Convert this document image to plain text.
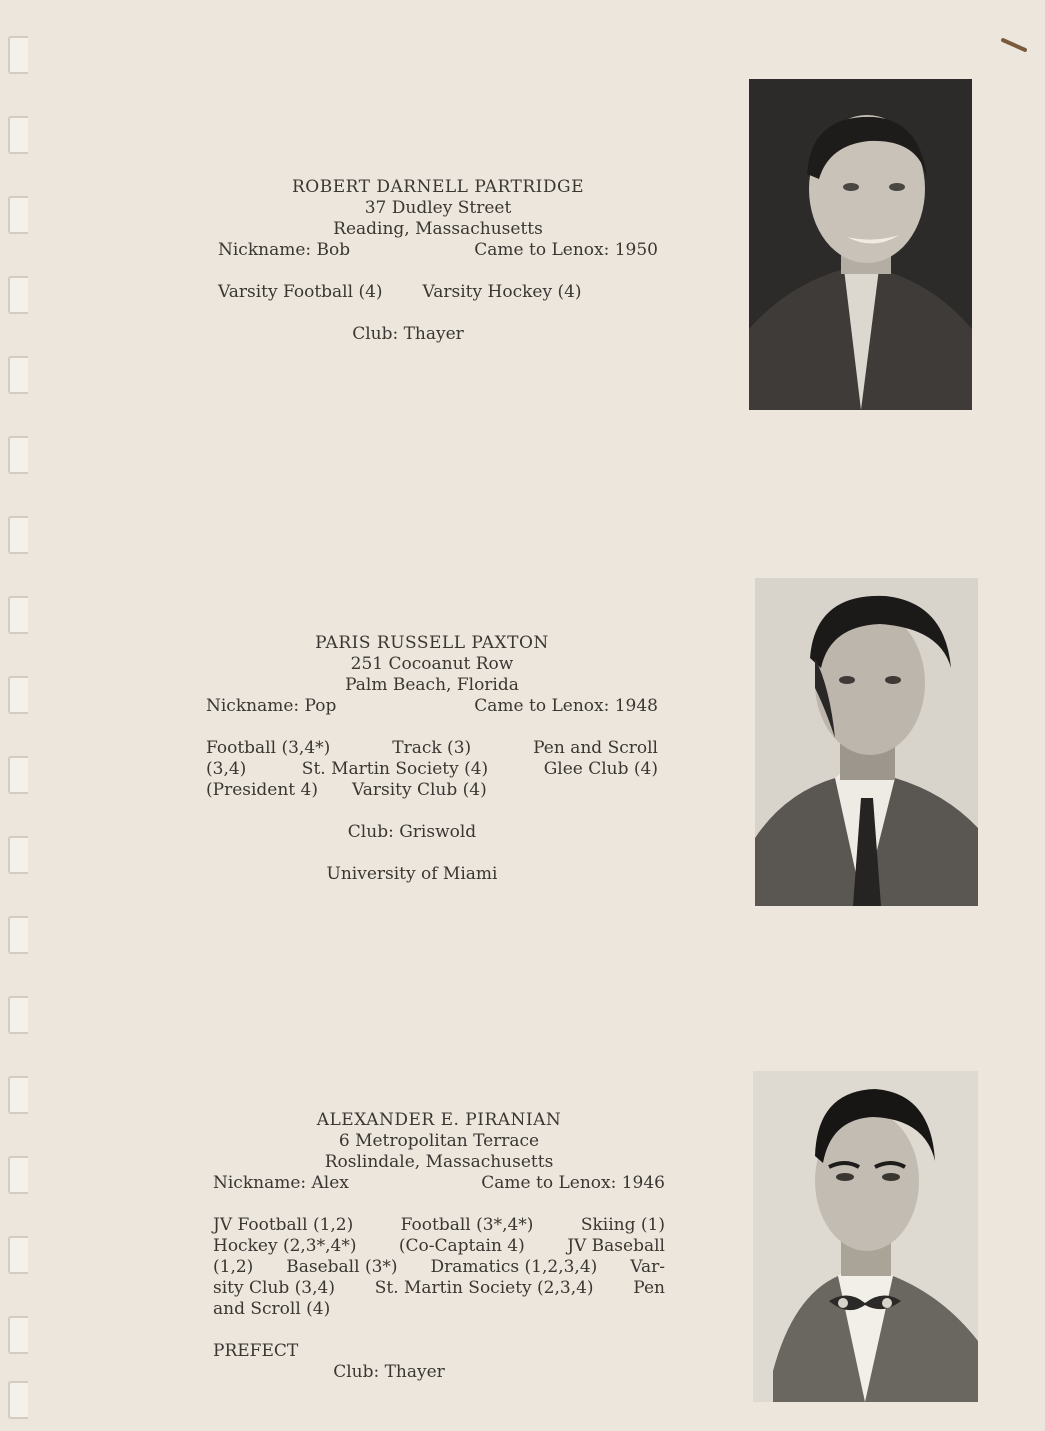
ROBERT DARNELL PARTRIDGE
37 Dudley Street
Reading, Massachusetts
Nickname: Bob	Came to Lenox: 1950
Varsity Football (4) Varsity Hockey (4)
Club: Thayer
PARIS RUSSELL PAXTON
251 Cocoanut Row
Palm Beach, Florida
Nickname: Pop	Came to Lenox: 1948
Football (3,4*)	Track (3)	Pen and Scroll
(3,4)	St. Martin Society (4)	Glee Club (4)
(President 4) Varsity Club (4)
Club: Griswold
University of Miami
ALEXANDER E. PIRANIAN
6 Metropolitan Terrace
Roslindale, Massachusetts
Nickname: Alex	Came to Lenox: 1946
JV Football (1,2)	Football (3*,4*)	Skiing (1)
Hockey (2,3*,4*) (Co-Captain 4) JV Baseball
(1,2) Baseball (3*) Dramatics (1,2,3,4) Var-
sity Club (3,4) St. Martin Society (2,3,4) Pen
and Scroll (4)
PREFECT
Club: Thayer
